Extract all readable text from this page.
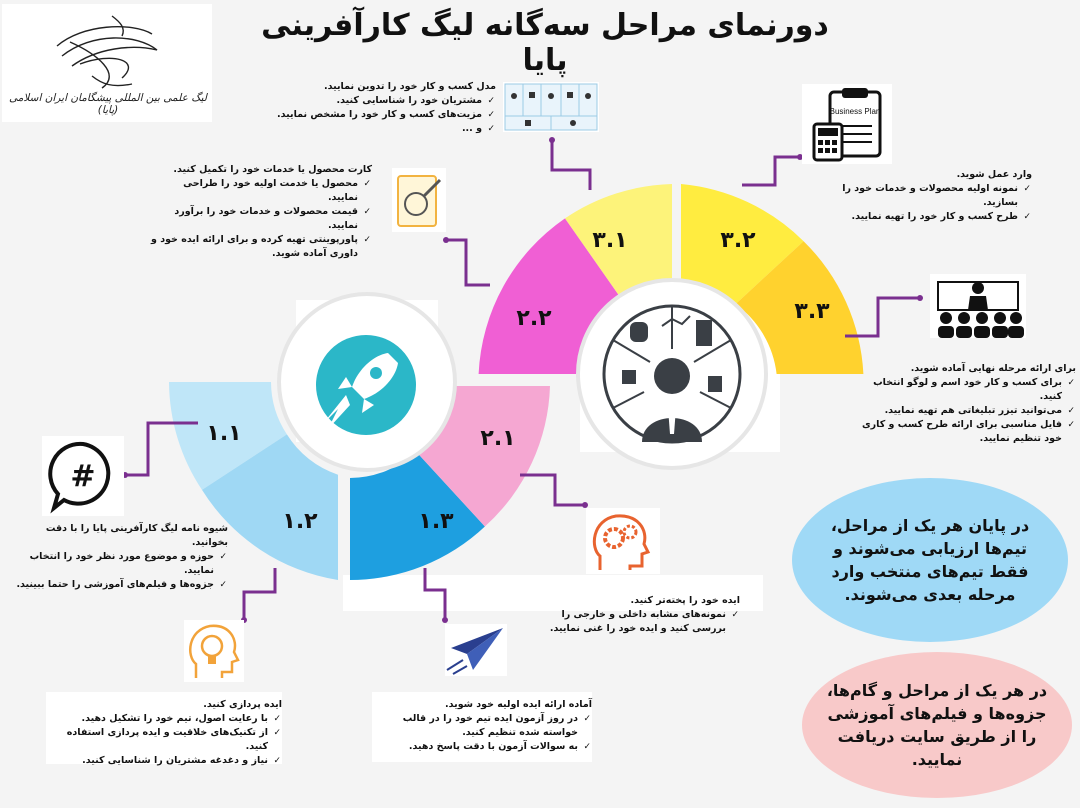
لیگ علمی بین المللی پیشگامان ایران اسلامی (پایا)
دورنمای مراحل سه‌گانه لیگ کارآفرینی پایا
۱.۱
۱.۲	۱.۳
۲.۱
۲.۲
۳.۱	۳.۲
۳.۳
#
Business Plan
مدل کسب و کار خود را تدوین نمایید.
✓ مشتریان خود را شناسایی کنید.
✓ مزیت‌های کسب و کار خود را مشخص نمایید.
✓ و ...
کارت محصول یا خدمات خود را تکمیل کنید.
✓ محصول یا خدمت اولیه خود را طراحی نمایید.
✓ قیمت محصولات و خدمات خود را برآورد نمایید.
✓ پاورپوینتی تهیه کرده و برای ارائه ایده خود و داوری آماده شوید.
وارد عمل شوید.
✓ نمونه اولیه محصولات و خدمات خود را بسازید.
✓ طرح کسب و کار خود را تهیه نمایید.
برای ارائه مرحله نهایی آماده شوید.
✓ برای کسب و کار خود اسم و لوگو انتخاب کنید.
✓ می‌توانید تیزر تبلیغاتی هم تهیه نمایید.
✓ فایل مناسبی برای ارائه طرح کسب و کاری خود تنظیم نمایید.
شیوه نامه لیگ کارآفرینی پایا را با دقت بخوانید.
✓ حوزه و موضوع مورد نظر خود را انتخاب نمایید.
✓ جزوه‌ها و فیلم‌های آموزشی را حتما ببینید.
ایده خود را پخته‌تر کنید.
✓ نمونه‌های مشابه داخلی و خارجی را بررسی کنید و ایده خود را غنی نمایید.
ایده پردازی کنید.
✓ با رعایت اصول، تیم خود را تشکیل دهید.
✓ از تکنیک‌های خلاقیت و ایده پردازی استفاده کنید.
✓ نیاز و دغدغه مشتریان را شناسایی کنید.
آماده ارائه ایده اولیه خود شوید.
✓ در روز آزمون ایده تیم خود را در قالب خواسته شده تنظیم کنید.
✓ به سوالات آزمون با دقت پاسخ دهید.
در پایان هر یک از مراحل، تیم‌ها ارزیابی می‌شوند و فقط تیم‌های منتخب وارد مرحله بعدی می‌شوند.
در هر یک از مراحل و گام‌ها، جزوه‌ها و فیلم‌های آموزشی را از طریق سایت دریافت نمایید.
